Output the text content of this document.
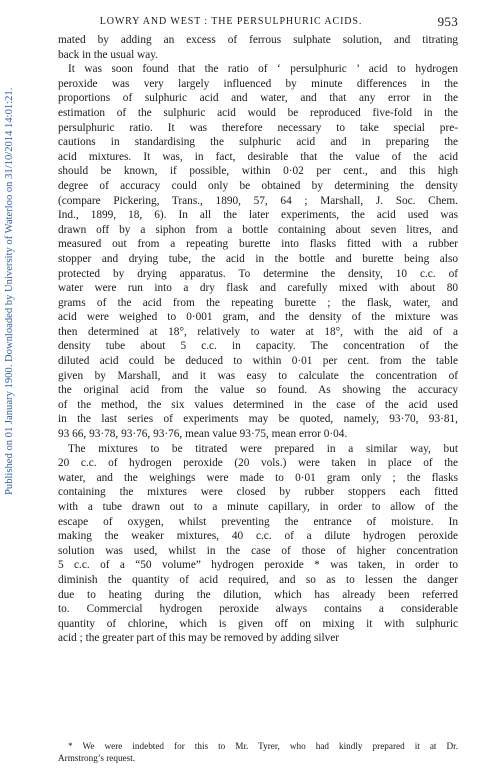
Published on 01 January 1900. Downloaded by University of Waterloo on 31/10/2014 14:01:21.
LOWRY AND WEST : THE PERSULPHURIC ACIDS.	953
mated by adding an excess of ferrous sulphate solution, and titrating
back in the usual way.
It was soon found that the ratio of ‘ persulphuric ’ acid to hydrogen
peroxide was very largely influenced by minute differences in the
proportions of sulphuric acid and water, and that any error in the
estimation of the sulphuric acid would be reproduced five-fold in the
persulphuric ratio. It was therefore necessary to take special pre-
cautions in standardising the sulphuric acid and in preparing the
acid mixtures. It was, in fact, desirable that the value of the acid
should be known, if possible, within 0·02 per cent., and this high
degree of accuracy could only be obtained by determining the density
(compare Pickering, Trans., 1890, 57, 64 ; Marshall, J. Soc. Chem.
Ind., 1899, 18, 6). In all the later experiments, the acid used was
drawn off by a siphon from a bottle containing about seven litres, and
measured out from a repeating burette into flasks fitted with a rubber
stopper and drying tube, the acid in the bottle and burette being also
protected by drying apparatus. To determine the density, 10 c.c. of
water were run into a dry flask and carefully mixed with about 80
grams of the acid from the repeating burette ; the flask, water, and
acid were weighed to 0·001 gram, and the density of the mixture was
then determined at 18°, relatively to water at 18°, with the aid of a
density tube about 5 c.c. in capacity. The concentration of the
diluted acid could be deduced to within 0·01 per cent. from the table
given by Marshall, and it was easy to calculate the concentration of
the original acid from the value so found. As showing the accuracy
of the method, the six values determined in the case of the acid used
in the last series of experiments may be quoted, namely, 93·70, 93·81,
93 66, 93·78, 93·76, 93·76, mean value 93·75, mean error 0·04.
The mixtures to be titrated were prepared in a similar way, but
20 c.c. of hydrogen peroxide (20 vols.) were taken in place of the
water, and the weighings were made to 0·01 gram only ; the flasks
containing the mixtures were closed by rubber stoppers each fitted
with a tube drawn out to a minute capillary, in order to allow of the
escape of oxygen, whilst preventing the entrance of moisture. In
making the weaker mixtures, 40 c.c. of a dilute hydrogen peroxide
solution was used, whilst in the case of those of higher concentration
5 c.c. of a “50 volume” hydrogen peroxide * was taken, in order to
diminish the quantity of acid required, and so as to lessen the danger
due to heating during the dilution, which has already been referred
to. Commercial hydrogen peroxide always contains a considerable
quantity of chlorine, which is given off on mixing it with sulphuric
acid ; the greater part of this may be removed by adding silver
* We were indebted for this to Mr. Tyrer, who had kindly prepared it at Dr.
Armstrong’s request.
